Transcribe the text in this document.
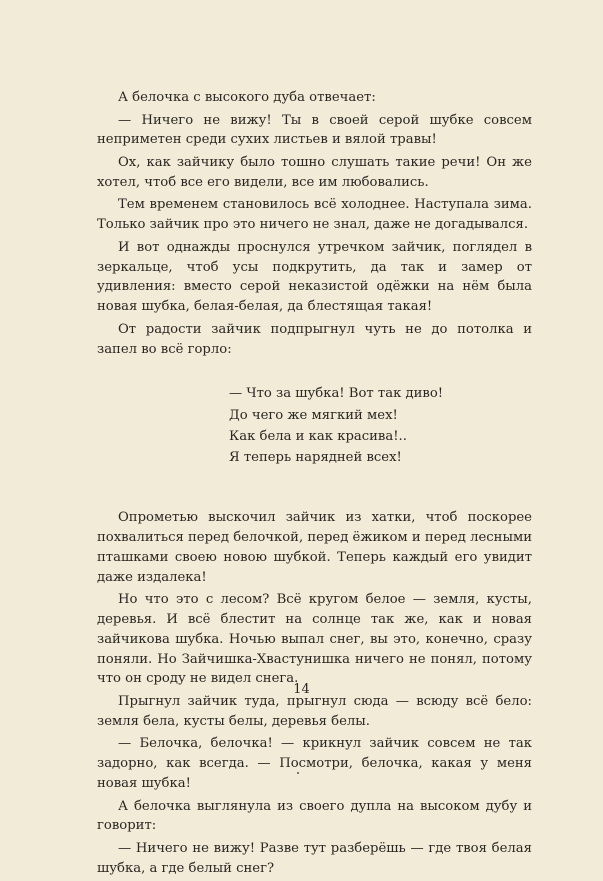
А белочка с высокого дуба отвечает:

— Ничего не вижу! Ты в своей серой шубке совсем неприметен среди сухих листьев и вялой травы!

Ох, как зайчику было тошно слушать такие речи! Он же хотел, чтоб все его видели, все им любовались.

Тем временем становилось всё холоднее. Наступала зима. Только зайчик про это ничего не знал, даже не догадывался.

И вот однажды проснулся утречком зайчик, поглядел в зеркальце, чтоб усы подкрутить, да так и замер от удивления: вместо серой неказистой одёжки на нём была новая шубка, белая-белая, да блестящая такая!

От радости зайчик подпрыгнул чуть не до потолка и запел во всё горло:

— Что за шубка! Вот так диво!

До чего же мягкий мех!

Как бела и как красива!..

Я теперь нарядней всех!

Опрометью выскочил зайчик из хатки, чтоб поскорее похвалиться перед белочкой, перед ёжиком и перед лесными пташками своею новою шубкой. Теперь каждый его увидит даже издалека!

Но что это с лесом? Всё кругом белое — земля, кусты, деревья. И всё блестит на солнце так же, как и новая зайчикова шубка. Ночью выпал снег, вы это, конечно, сразу поняли. Но Зайчишка-Хвастунишка ничего не понял, потому что он сроду не видел снега.

Прыгнул зайчик туда, прыгнул сюда — всюду всё бело: земля бела, кусты белы, деревья белы.

— Белочка, белочка! — крикнул зайчик совсем не так задорно, как всегда. — Посмотри, белочка, какая у меня новая шубка!

А белочка выглянула из своего дупла на высоком дубу и говорит:

— Ничего не вижу! Разве тут разберёшь — где твоя белая шубка, а где белый снег?

14
